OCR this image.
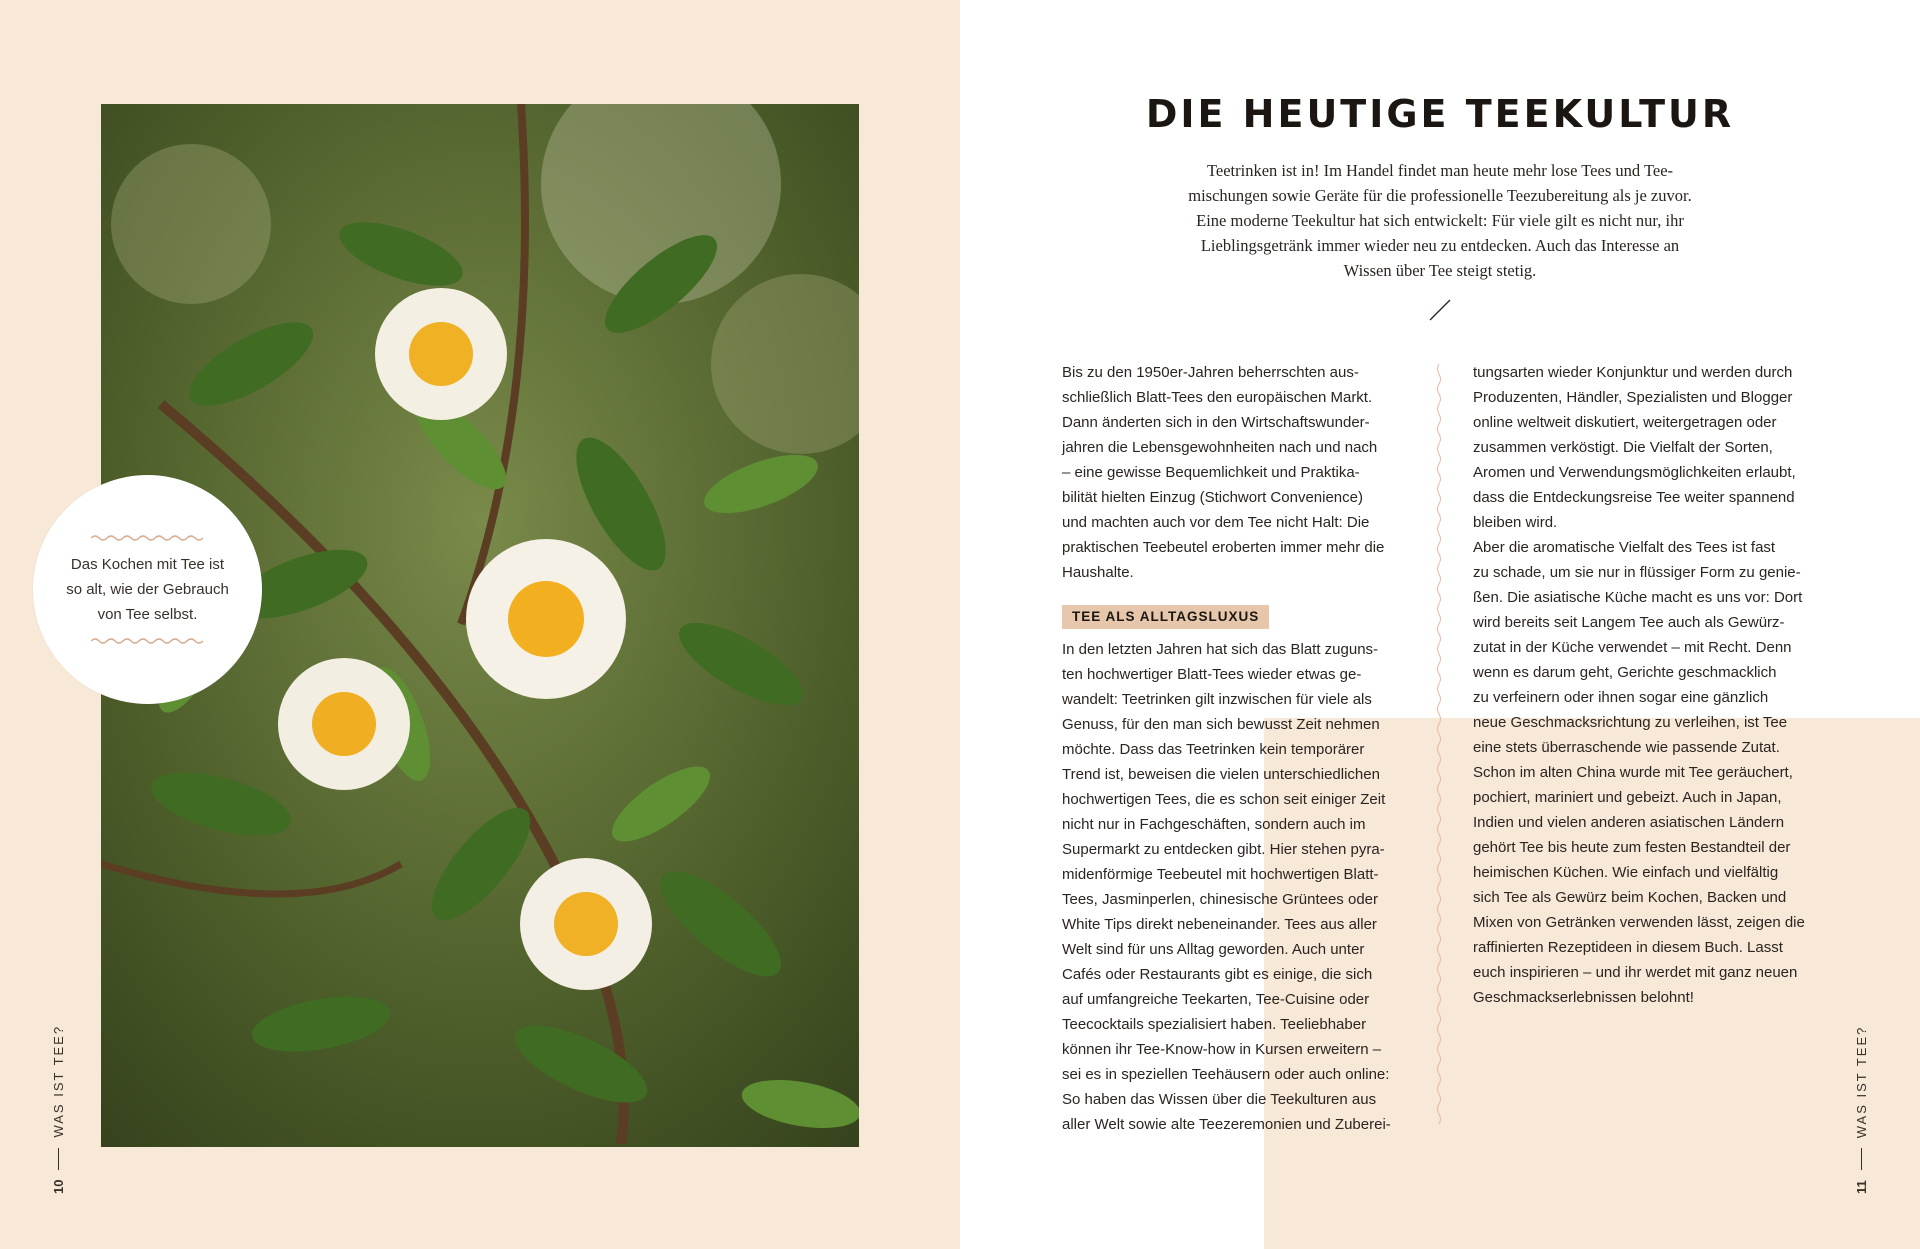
Das Kochen mit Tee ist so alt, wie der Gebrauch von Tee selbst.
10
WAS IST TEE?
DIE HEUTIGE TEEKULTUR
Teetrinken ist in! Im Handel findet man heute mehr lose Tees und Tee-mischungen sowie Geräte für die professionelle Teezubereitung als je zuvor. Eine moderne Teekultur hat sich entwickelt: Für viele gilt es nicht nur, ihr Lieblingsgetränk immer wieder neu zu entdecken. Auch das Interesse an Wissen über Tee steigt stetig.

Bis zu den 1950er-Jahren beherrschten aus-
schließlich Blatt-Tees den europäischen Markt.
Dann änderten sich in den Wirtschaftswunder-
jahren die Lebensgewohnheiten nach und nach
– eine gewisse Bequemlichkeit und Praktika-
bilität hielten Einzug (Stichwort Convenience)
und machten auch vor dem Tee nicht Halt: Die
praktischen Teebeutel eroberten immer mehr die
Haushalte.

TEE ALS ALLTAGSLUXUS

In den letzten Jahren hat sich das Blatt zuguns-
ten hochwertiger Blatt-Tees wieder etwas ge-
wandelt: Teetrinken gilt inzwischen für viele als
Genuss, für den man sich bewusst Zeit nehmen
möchte. Dass das Teetrinken kein temporärer
Trend ist, beweisen die vielen unterschiedlichen
hochwertigen Tees, die es schon seit einiger Zeit
nicht nur in Fachgeschäften, sondern auch im
Supermarkt zu entdecken gibt. Hier stehen pyra-
midenförmige Teebeutel mit hochwertigen Blatt-
Tees, Jasminperlen, chinesische Grüntees oder
White Tips direkt nebeneinander. Tees aus aller
Welt sind für uns Alltag geworden. Auch unter
Cafés oder Restaurants gibt es einige, die sich
auf umfangreiche Teekarten, Tee-Cuisine oder
Teecocktails spezialisiert haben. Teeliebhaber
können ihr Tee-Know-how in Kursen erweitern –
sei es in speziellen Teehäusern oder auch online:
So haben das Wissen über die Teekulturen aus
aller Welt sowie alte Teezeremonien und Zuberei-

tungsarten wieder Konjunktur und werden durch
Produzenten, Händler, Spezialisten und Blogger
online weltweit diskutiert, weitergetragen oder
zusammen verköstigt. Die Vielfalt der Sorten,
Aromen und Verwendungsmöglichkeiten erlaubt,
dass die Entdeckungsreise Tee weiter spannend
bleiben wird.

Aber die aromatische Vielfalt des Tees ist fast
zu schade, um sie nur in flüssiger Form zu genie-
ßen. Die asiatische Küche macht es uns vor: Dort
wird bereits seit Langem Tee auch als Gewürz-
zutat in der Küche verwendet – mit Recht. Denn
wenn es darum geht, Gerichte geschmacklich
zu verfeinern oder ihnen sogar eine gänzlich
neue Geschmacksrichtung zu verleihen, ist Tee
eine stets überraschende wie passende Zutat.
Schon im alten China wurde mit Tee geräuchert,
pochiert, mariniert und gebeizt. Auch in Japan,
Indien und vielen anderen asiatischen Ländern
gehört Tee bis heute zum festen Bestandteil der
heimischen Küchen. Wie einfach und vielfältig
sich Tee als Gewürz beim Kochen, Backen und
Mixen von Getränken verwenden lässt, zeigen die
raffinierten Rezeptideen in diesem Buch. Lasst
euch inspirieren – und ihr werdet mit ganz neuen
Geschmackserlebnissen belohnt!

11
WAS IST TEE?
